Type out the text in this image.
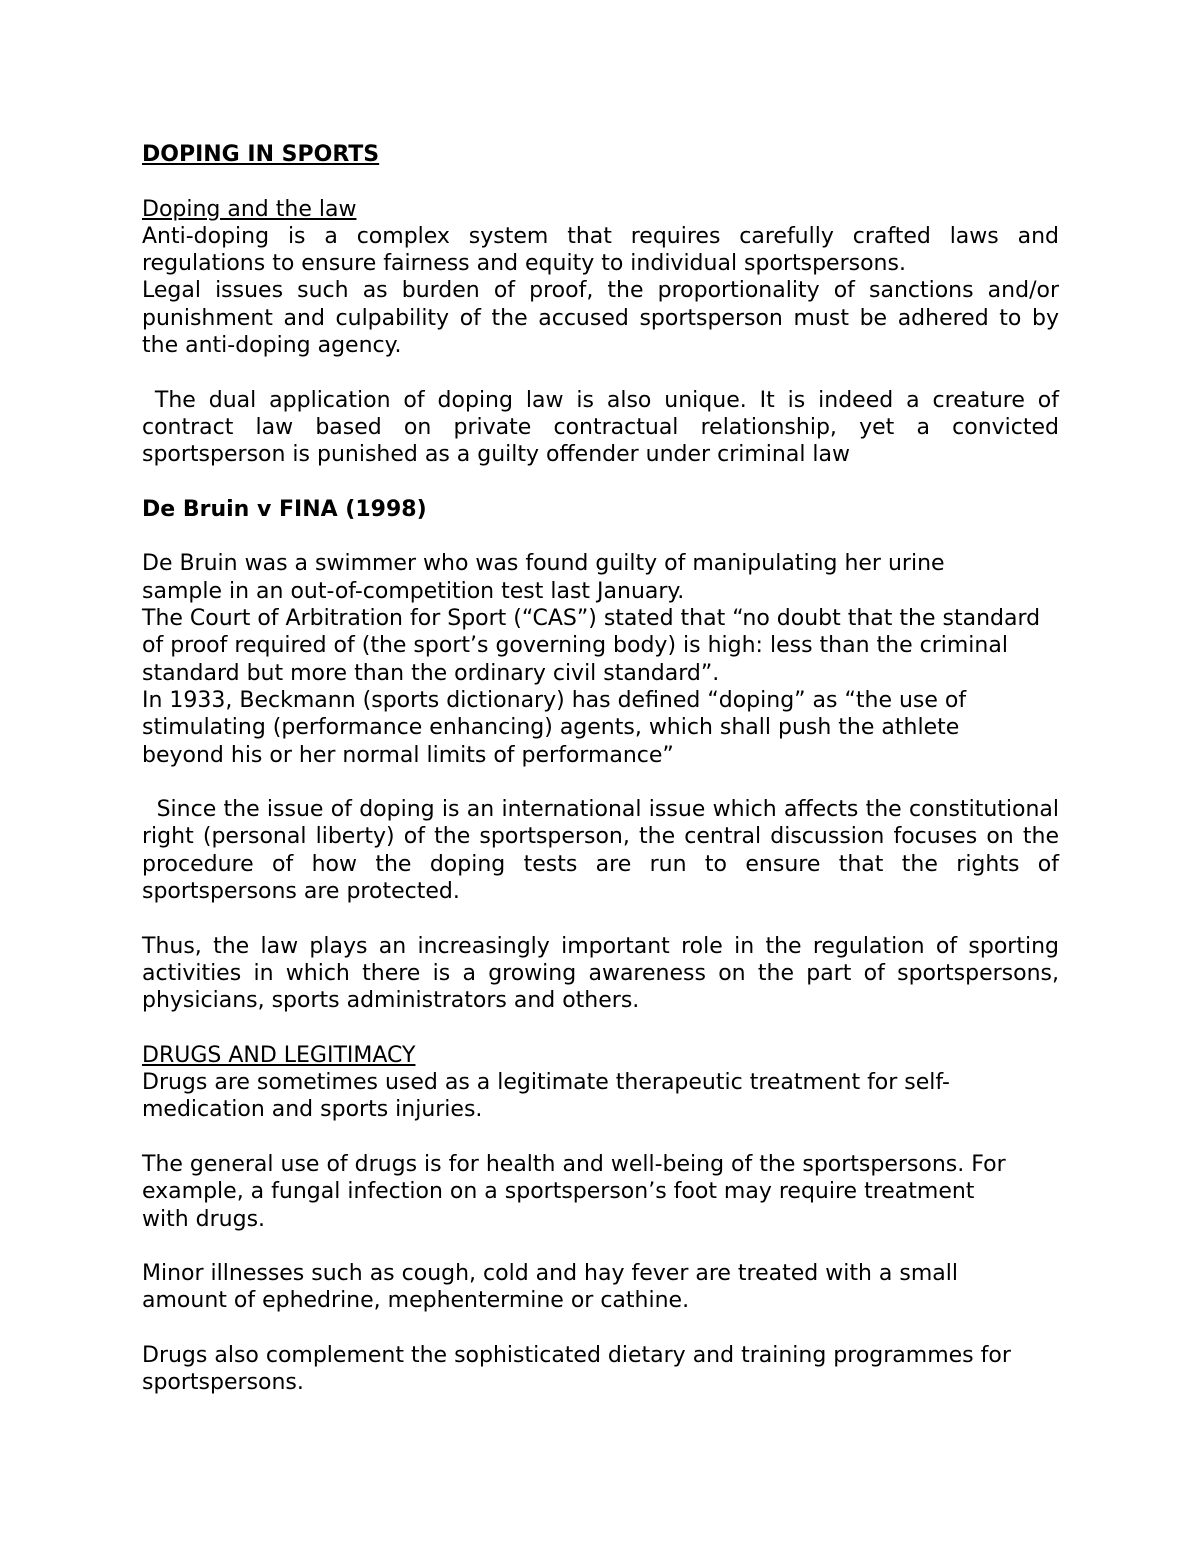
DOPING IN SPORTS

Doping and the law

Anti-doping is a complex system that requires carefully crafted laws and regulations to ensure fairness and equity to individual sportspersons.

Legal issues such as burden of proof, the proportionality of sanctions and/or punishment and culpability of the accused sportsperson must be adhered to by the anti-doping agency.

The dual application of doping law is also unique. It is indeed a creature of contract law based on private contractual relationship, yet a convicted sportsperson is punished as a guilty offender under criminal law

De Bruin v FINA (1998)

De Bruin was a swimmer who was found guilty of manipulating her urine sample in an out-of-competition test last January.

The Court of Arbitration for Sport (“CAS”) stated that “no doubt that the standard of proof required of (the sport’s governing body) is high: less than the criminal standard but more than the ordinary civil standard”.

In 1933, Beckmann (sports dictionary) has defined “doping” as “the use of stimulating (performance enhancing) agents, which shall push the athlete beyond his or her normal limits of performance”

Since the issue of doping is an international issue which affects the constitutional right (personal liberty) of the sportsperson, the central discussion focuses on the procedure of how the doping tests are run to ensure that the rights of sportspersons are protected.

Thus, the law plays an increasingly important role in the regulation of sporting activities in which there is a growing awareness on the part of sportspersons, physicians, sports administrators and others.

DRUGS AND LEGITIMACY

Drugs are sometimes used as a legitimate therapeutic treatment for self-medication and sports injuries.

The general use of drugs is for health and well-being of the sportspersons. For example, a fungal infection on a sportsperson’s foot may require treatment with drugs.

Minor illnesses such as cough, cold and hay fever are treated with a small amount of ephedrine, mephentermine or cathine.

Drugs also complement the sophisticated dietary and training programmes for sportspersons.
